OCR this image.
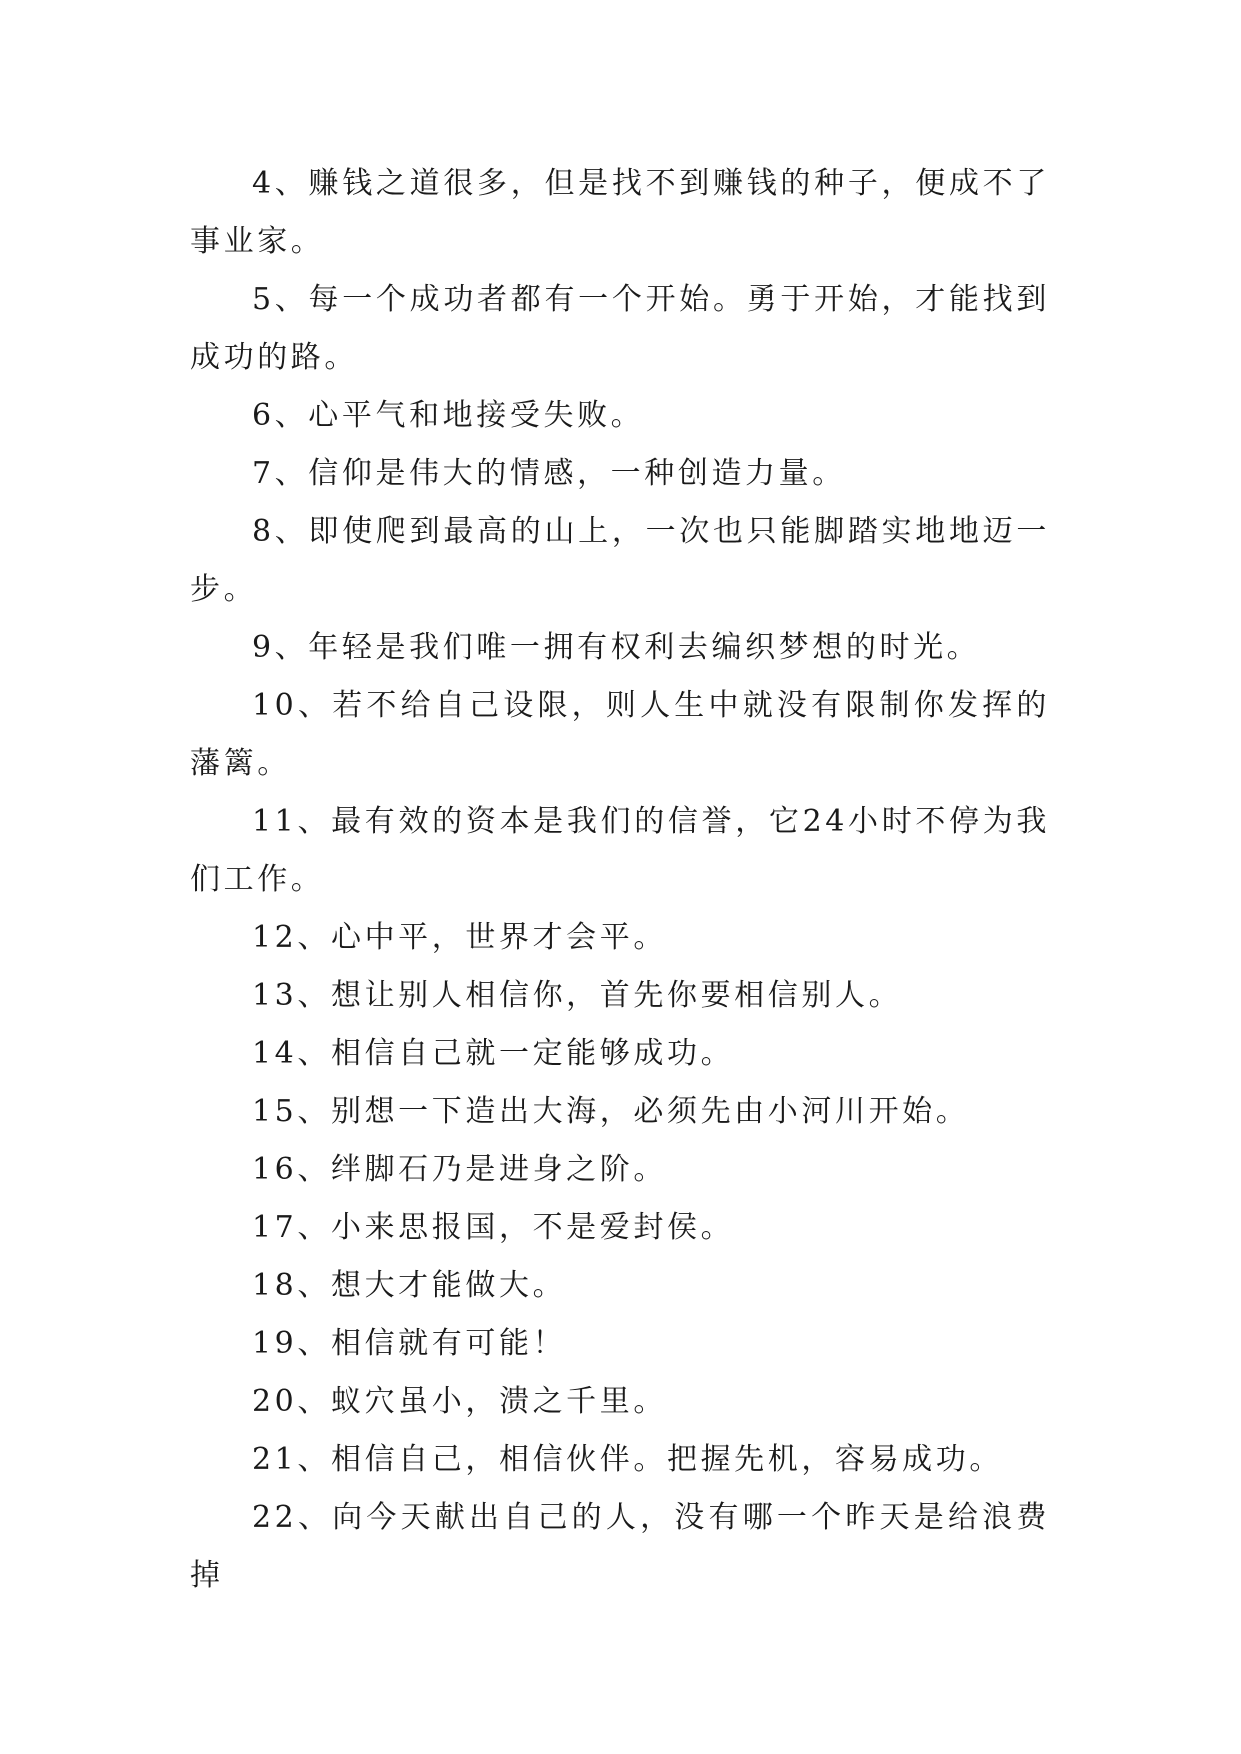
4、赚钱之道很多，但是找不到赚钱的种子，便成不了事业家。

5、每一个成功者都有一个开始。勇于开始，才能找到成功的路。

6、心平气和地接受失败。

7、信仰是伟大的情感，一种创造力量。

8、即使爬到最高的山上，一次也只能脚踏实地地迈一步。

9、年轻是我们唯一拥有权利去编织梦想的时光。

10、若不给自己设限，则人生中就没有限制你发挥的藩篱。

11、最有效的资本是我们的信誉，它24小时不停为我们工作。

12、心中平，世界才会平。

13、想让别人相信你，首先你要相信别人。

14、相信自己就一定能够成功。

15、别想一下造出大海，必须先由小河川开始。

16、绊脚石乃是进身之阶。

17、小来思报国，不是爱封侯。

18、想大才能做大。

19、相信就有可能！

20、蚁穴虽小，溃之千里。

21、相信自己，相信伙伴。把握先机，容易成功。

22、向今天献出自己的人，没有哪一个昨天是给浪费掉
